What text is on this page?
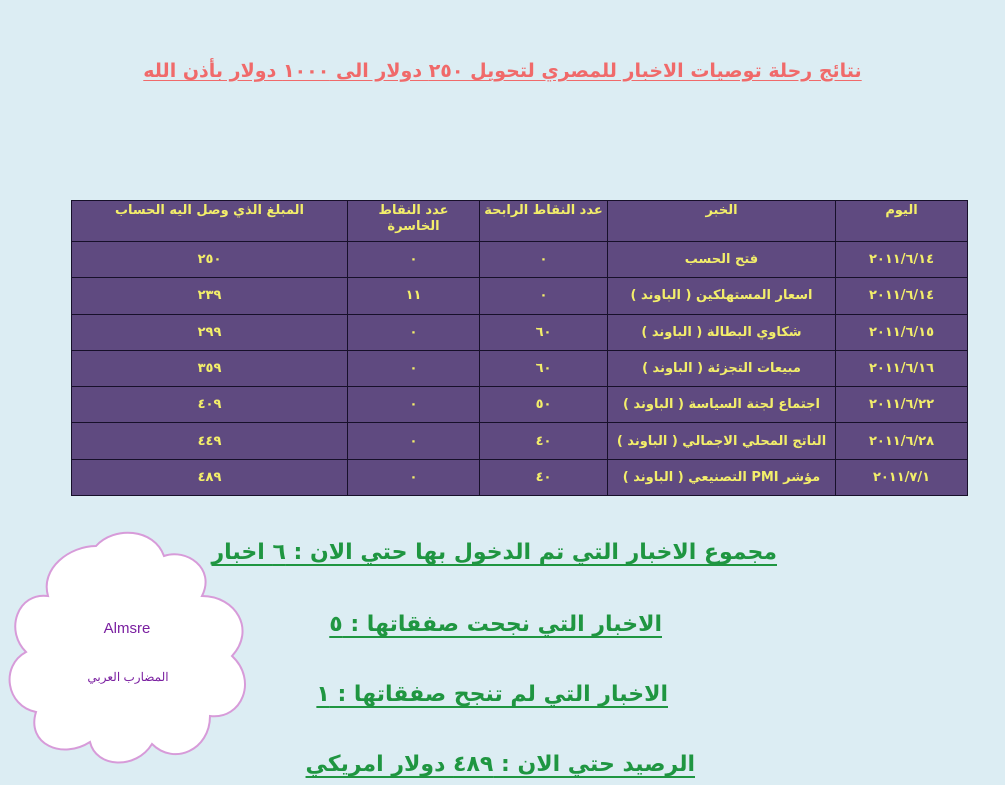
نتائج رحلة توصيات الاخبار للمصري لتحويل ٢٥٠ دولار الى ١٠٠٠ دولار بأذن الله
اليوم	الخبر	عدد النقاط الرابحة	عدد النقاط الخاسرة	المبلغ الذي وصل اليه الحساب
٢٠١١/٦/١٤	فتح الحسب	٠	٠	٢٥٠
٢٠١١/٦/١٤	اسعار المستهلكين ( الباوند )	٠	١١	٢٣٩
٢٠١١/٦/١٥	شكاوي البطالة ( الباوند )	٦٠	٠	٢٩٩
٢٠١١/٦/١٦	مبيعات التجزئة ( الباوند )	٦٠	٠	٣٥٩
٢٠١١/٦/٢٢	اجتماع لجنة السياسة ( الباوند )	٥٠	٠	٤٠٩
٢٠١١/٦/٢٨	الناتج المحلي الاجمالي ( الباوند )	٤٠	٠	٤٤٩
٢٠١١/٧/١	مؤشر PMI التصنيعي ( الباوند )	٤٠	٠	٤٨٩
مجموع الاخبار التي تم الدخول بها حتي الان : ٦ اخبار
الاخبار التي نجحت صفقاتها : ٥
الاخبار التي لم تنجح صفقاتها : ١
الرصيد حتي الان : ٤٨٩ دولار امريكي
Almsre
المضارب العربي
